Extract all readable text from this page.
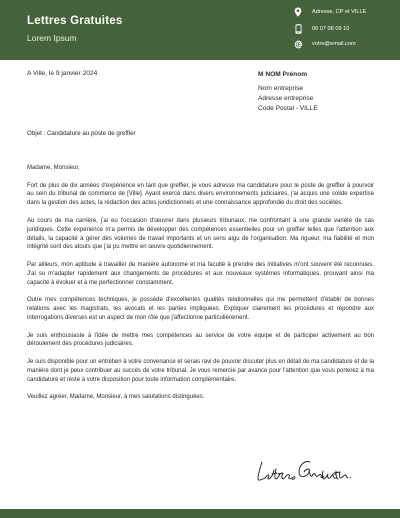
Lettres Gratuites
Lorem Ipsum
Adresse, CP et VILLE
06 07 08 09 10
votre@email.com
A Ville, le 9 janvier 2024	M NOM Prénom
Nom entreprise
Adresse entreprise
Code Postal - VILLE
Objet : Candidature au poste de greffier

Madame, Monsieur,

Fort de plus de dix années d'expérience en tant que greffier, je vous adresse ma candidature pour le poste de greffier à pourvoir au sein du tribunal de commerce de [Ville]. Ayant exercé dans divers environnements judiciaires, j'ai acquis une solide expertise dans la gestion des actes, la rédaction des actes juridictionnels et une connaissance approfondie du droit des sociétés.

Au cours de ma carrière, j'ai eu l'occasion d'œuvrer dans plusieurs tribunaux, me confrontant à une grande variété de cas juridiques. Cette expérience m'a permis de développer des compétences essentielles pour un greffier telles que l'attention aux détails, la capacité à gérer des volumes de travail importants et un sens aigu de l'organisation. Ma rigueur, ma fiabilité et mon intégrité sont des atouts que j'ai pu mettre en œuvre quotidiennement.

Par ailleurs, mon aptitude à travailler de manière autonome et ma faculté à prendre des initiatives m'ont souvent été reconnues. J'ai su m'adapter rapidement aux changements de procédures et aux nouveaux systèmes informatiques, prouvant ainsi ma capacité à évoluer et à me perfectionner constamment.

Outre mes compétences techniques, je possède d'excellentes qualités relationnelles qui me permettent d'établir de bonnes relations avec les magistrats, les avocats et les parties impliquées. Expliquer clairement les procédures et répondre aux interrogations diverses est un aspect de mon rôle que j'affectionne particulièrement.

Je suis enthousiaste à l'idée de mettre mes compétences au service de votre équipe et de participer activement au bon déroulement des procédures judiciaires.

Je suis disponible pour un entretien à votre convenance et serais ravi de pouvoir discuter plus en détail de ma candidature et de la manière dont je peux contribuer au succès de votre tribunal. Je vous remercie par avance pour l'attention que vous porterez à ma candidature et reste à votre disposition pour toute information complémentaire.

Veuillez agréer, Madame, Monsieur, à mes salutations distinguées.
